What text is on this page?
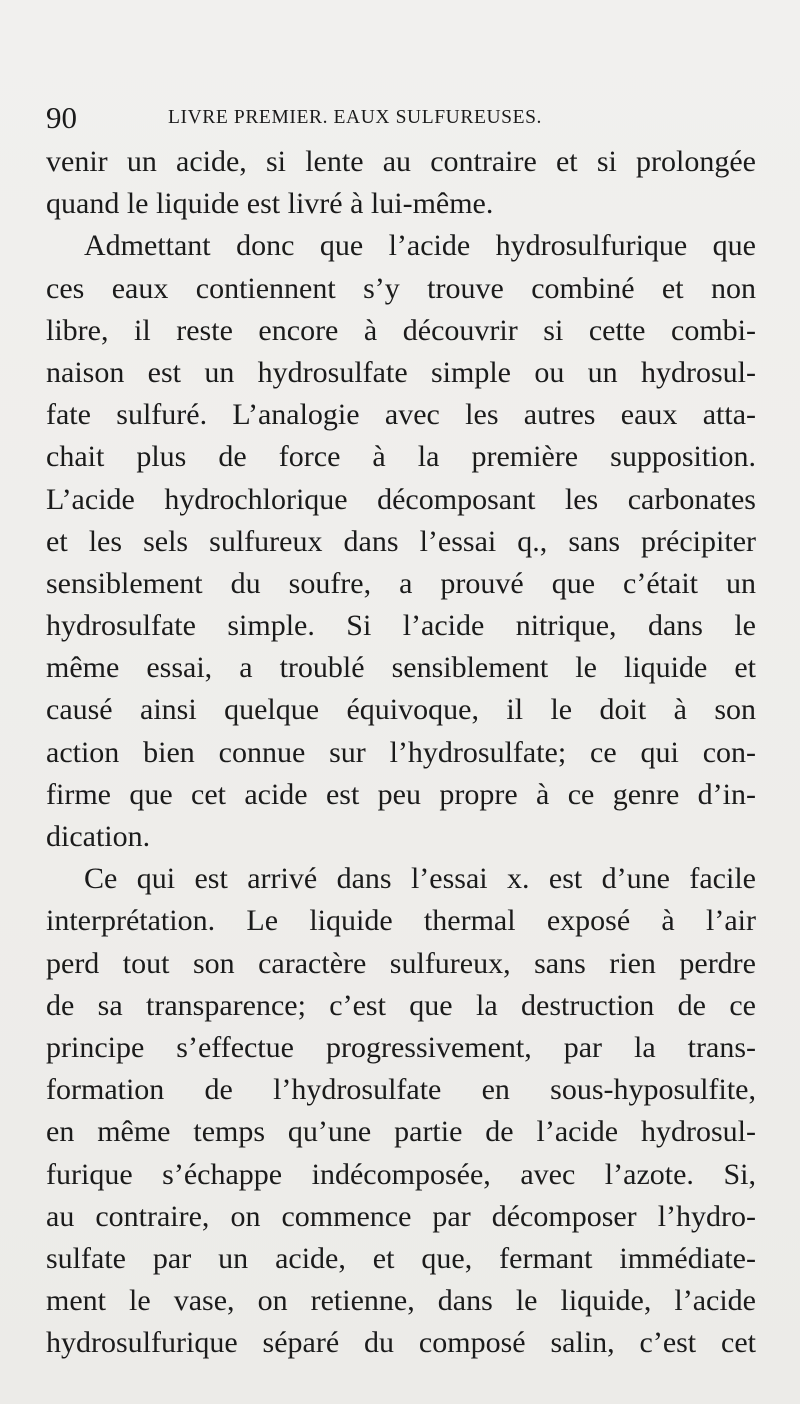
90	LIVRE PREMIER. EAUX SULFUREUSES.
venir un acide, si lente au contraire et si prolongée
quand le liquide est livré à lui-même.
Admettant donc que l’acide hydrosulfurique que
ces eaux contiennent s’y trouve combiné et non
libre, il reste encore à découvrir si cette combi-
naison est un hydrosulfate simple ou un hydrosul-
fate sulfuré. L’analogie avec les autres eaux atta-
chait plus de force à la première supposition.
L’acide hydrochlorique décomposant les carbonates
et les sels sulfureux dans l’essai q., sans précipiter
sensiblement du soufre, a prouvé que c’était un
hydrosulfate simple. Si l’acide nitrique, dans le
même essai, a troublé sensiblement le liquide et
causé ainsi quelque équivoque, il le doit à son
action bien connue sur l’hydrosulfate; ce qui con-
firme que cet acide est peu propre à ce genre d’in-
dication.
Ce qui est arrivé dans l’essai x. est d’une facile
interprétation. Le liquide thermal exposé à l’air
perd tout son caractère sulfureux, sans rien perdre
de sa transparence; c’est que la destruction de ce
principe s’effectue progressivement, par la trans-
formation de l’hydrosulfate en sous-hyposulfite,
en même temps qu’une partie de l’acide hydrosul-
furique s’échappe indécomposée, avec l’azote. Si,
au contraire, on commence par décomposer l’hydro-
sulfate par un acide, et que, fermant immédiate-
ment le vase, on retienne, dans le liquide, l’acide
hydrosulfurique séparé du composé salin, c’est cet
